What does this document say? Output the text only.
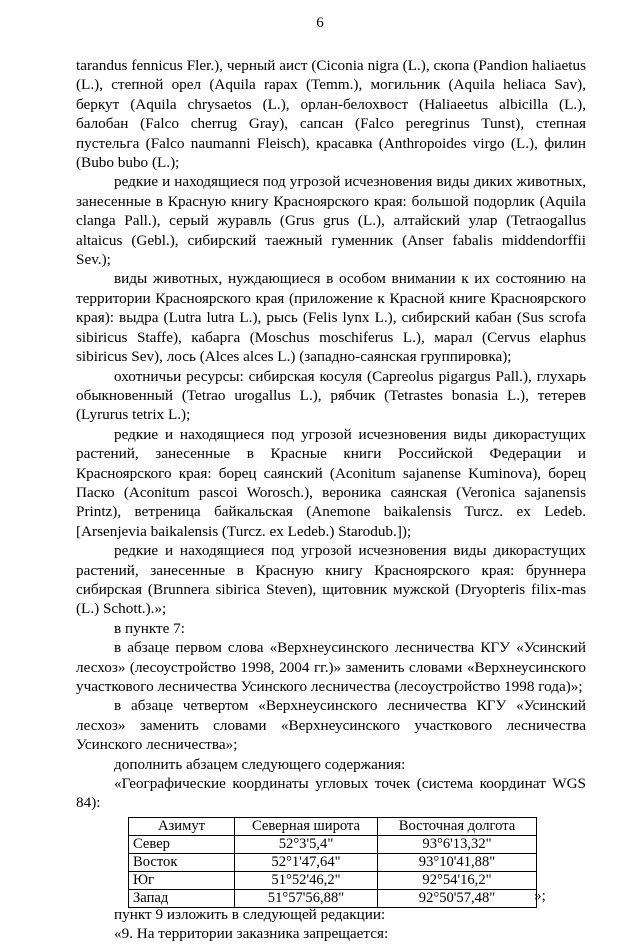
6

tarandus fennicus Fler.), черный аист (Ciconia nigra (L.), скопа (Pandion haliaetus (L.), степной орел (Aquila rapax (Temm.), могильник (Aquila heliaca Sav), беркут (Aquila chrysaetos (L.), орлан-белохвост (Haliaeetus albicilla (L.), балобан (Falco cherrug Gray), сапсан (Falco peregrinus Tunst), степная пустельга (Falco naumanni Fleisch), красавка (Anthropoides virgo (L.), филин (Bubo bubo (L.);

редкие и находящиеся под угрозой исчезновения виды диких животных, занесенные в Красную книгу Красноярского края: большой подорлик (Aquila clanga Pall.), серый журавль (Grus grus (L.), алтайский улар (Tetraogallus altaicus (Gebl.), сибирский таежный гуменник (Anser fabalis middendorffii Sev.);

виды животных, нуждающиеся в особом внимании к их состоянию на территории Красноярского края (приложение к Красной книге Красноярского края): выдра (Lutra lutra L.), рысь (Felis lynx L.), сибирский кабан (Sus scrofa sibiricus Staffe), кабарга (Moschus moschiferus L.), марал (Cervus elaphus sibiricus Sev), лось (Alces alces L.) (западно-саянская группировка);

охотничьи ресурсы: сибирская косуля (Capreolus pigargus Pall.), глухарь обыкновенный (Tetrao urogallus L.), рябчик (Tetrastes bonasia L.), тетерев (Lyrurus tetrix L.);

редкие и находящиеся под угрозой исчезновения виды дикорастущих растений, занесенные в Красные книги Российской Федерации и Красноярского края: борец саянский (Aconitum sajanense Kuminova), борец Паско (Aconitum pascoi Worosch.), вероника саянская (Veronica sajanensis Printz), ветреница байкальская (Anemone baikalensis Turcz. ex Ledeb. [Arsenjevia baikalensis (Turcz. ex Ledeb.) Starodub.]);

редкие и находящиеся под угрозой исчезновения виды дикорастущих растений, занесенные в Красную книгу Красноярского края: бруннера сибирская (Brunnera sibirica Steven), щитовник мужской (Dryopteris filix-mas (L.) Schott.).»;

в пункте 7:

в абзаце первом слова «Верхнеусинского лесничества КГУ «Усинский лесхоз» (лесоустройство 1998, 2004 гг.)» заменить словами «Верхнеусинского участкового лесничества Усинского лесничества (лесоустройство 1998 года)»;

в абзаце четвертом «Верхнеусинского лесничества КГУ «Усинский лесхоз» заменить словами «Верхнеусинского участкового лесничества Усинского лесничества»;

дополнить абзацем следующего содержания:

«Географические координаты угловых точек (система координат WGS 84):

Азимут	Северная широта	Восточная долгота
Север	52°3'5,4"	93°6'13,32"
Восток	52°1'47,64"	93°10'41,88"
Юг	51°52'46,2"	92°54'16,2"
Запад	51°57'56,88"	92°50'57,48"	»;

пункт 9 изложить в следующей редакции:

«9. На территории заказника запрещается:
